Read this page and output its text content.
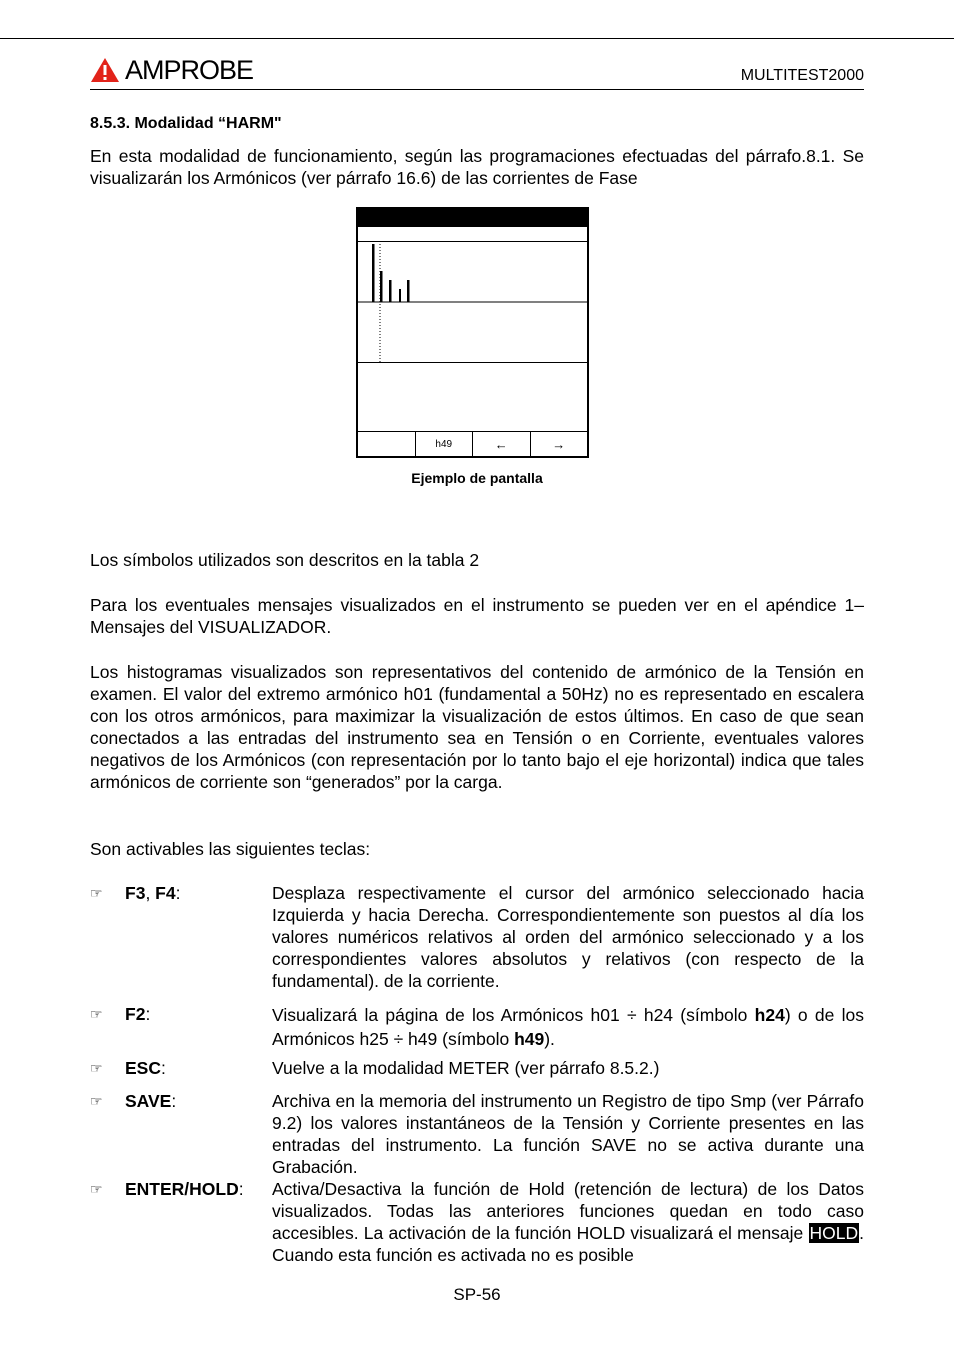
AMPROBE	MULTITEST2000
8.5.3. Modalidad “HARM"
En esta modalidad de funcionamiento, según las programaciones efectuadas del párrafo.8.1. Se visualizarán los Armónicos (ver párrafo 16.6) de las corrientes de Fase
h49	←	→
Ejemplo de pantalla
Los símbolos utilizados son descritos en la tabla 2
Para los eventuales mensajes visualizados en el instrumento se pueden ver en el apéndice 1–Mensajes del VISUALIZADOR.
Los histogramas visualizados son representativos del contenido de armónico de la Tensión en examen. El valor del extremo armónico h01 (fundamental a 50Hz) no es representado en escalera con los otros armónicos, para maximizar la visualización de estos últimos. En caso de que sean conectados a las entradas del instrumento sea en Tensión o en Corriente, eventuales valores negativos de los Armónicos (con representación por lo tanto bajo el eje horizontal) indica que tales armónicos de corriente son “generados” por la carga.
Son activables las siguientes teclas:
☞ F3, F4:	Desplaza respectivamente el cursor del armónico seleccionado hacia Izquierda y hacia Derecha. Correspondientemente son puestos al día los valores numéricos relativos al orden del armónico seleccionado y a los correspondientes valores absolutos y relativos (con respecto de la fundamental). de la corriente.
☞ F2:	Visualizará la página de los Armónicos h01 ÷ h24 (símbolo h24) o de los Armónicos h25 ÷ h49 (símbolo h49).
☞ ESC:	Vuelve a la modalidad METER (ver párrafo 8.5.2.)
☞ SAVE:	Archiva en la memoria del instrumento un Registro de tipo Smp (ver Párrafo 9.2) los valores instantáneos de la Tensión y Corriente presentes en las entradas del instrumento. La función SAVE no se activa durante una Grabación.
☞ ENTER/HOLD: Activa/Desactiva la función de Hold (retención de lectura) de los Datos visualizados. Todas las anteriores funciones quedan en todo caso accesibles. La activación de la función HOLD visualizará el mensaje HOLD. Cuando esta función es activada no es posible
SP-56
